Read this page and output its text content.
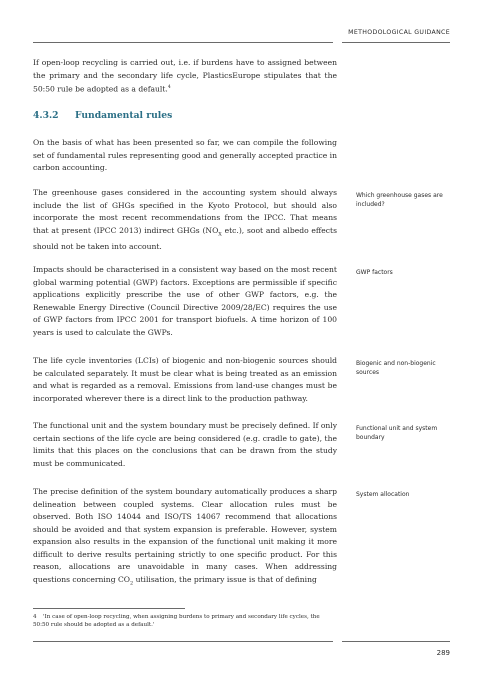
METHODOLOGICAL GUIDANCE

If open-loop recycling is carried out, i.e. if burdens have to assigned between the primary and the secondary life cycle, PlasticsEurope stipulates that the 50:50 rule be adopted as a default.$^4$

4.3.2 Fundamental rules

On the basis of what has been presented so far, we can compile the following set of fundamental rules representing good and generally accepted practice in carbon accounting.

The greenhouse gases considered in the accounting system should always include the list of GHGs specified in the Kyoto Protocol, but should also incorporate the most recent recommendations from the IPCC. That means that at present (IPCC 2013) indirect GHGs ($NO_X$ etc.), soot and albedo effects should not be taken into account.

Which greenhouse gases are included?

Impacts should be characterised in a consistent way based on the most recent global warming potential (GWP) factors. Exceptions are permissible if specific applications explicitly prescribe the use of other GWP factors, e.g. the Renewable Energy Directive (Council Directive 2009/28/EC) requires the use of GWP factors from IPCC 2001 for transport biofuels. A time horizon of 100 years is used to calculate the GWPs.

GWP factors

The life cycle inventories (LCIs) of biogenic and non-biogenic sources should be calculated separately. It must be clear what is being treated as an emission and what is regarded as a removal. Emissions from land-use changes must be incorporated wherever there is a direct link to the production pathway.

Biogenic and non-biogenic sources

The functional unit and the system boundary must be precisely defined. If only certain sections of the life cycle are being considered (e.g. cradle to gate), the limits that this places on the conclusions that can be drawn from the study must be communicated.

Functional unit and system boundary

The precise definition of the system boundary automatically produces a sharp delineation between coupled systems. Clear allocation rules must be observed. Both ISO 14044 and ISO/TS 14067 recommend that allocations should be avoided and that system expansion is preferable. However, system expansion also results in the expansion of the functional unit making it more difficult to derive results pertaining strictly to one specific product. For this reason, allocations are unavoidable in many cases. When addressing questions concerning $CO_2$ utilisation, the primary issue is that of defining

System allocation
4 'In case of open-loop recycling, when assigning burdens to primary and secondary life cycles, the 50:50 rule should be adopted as a default.'
289
